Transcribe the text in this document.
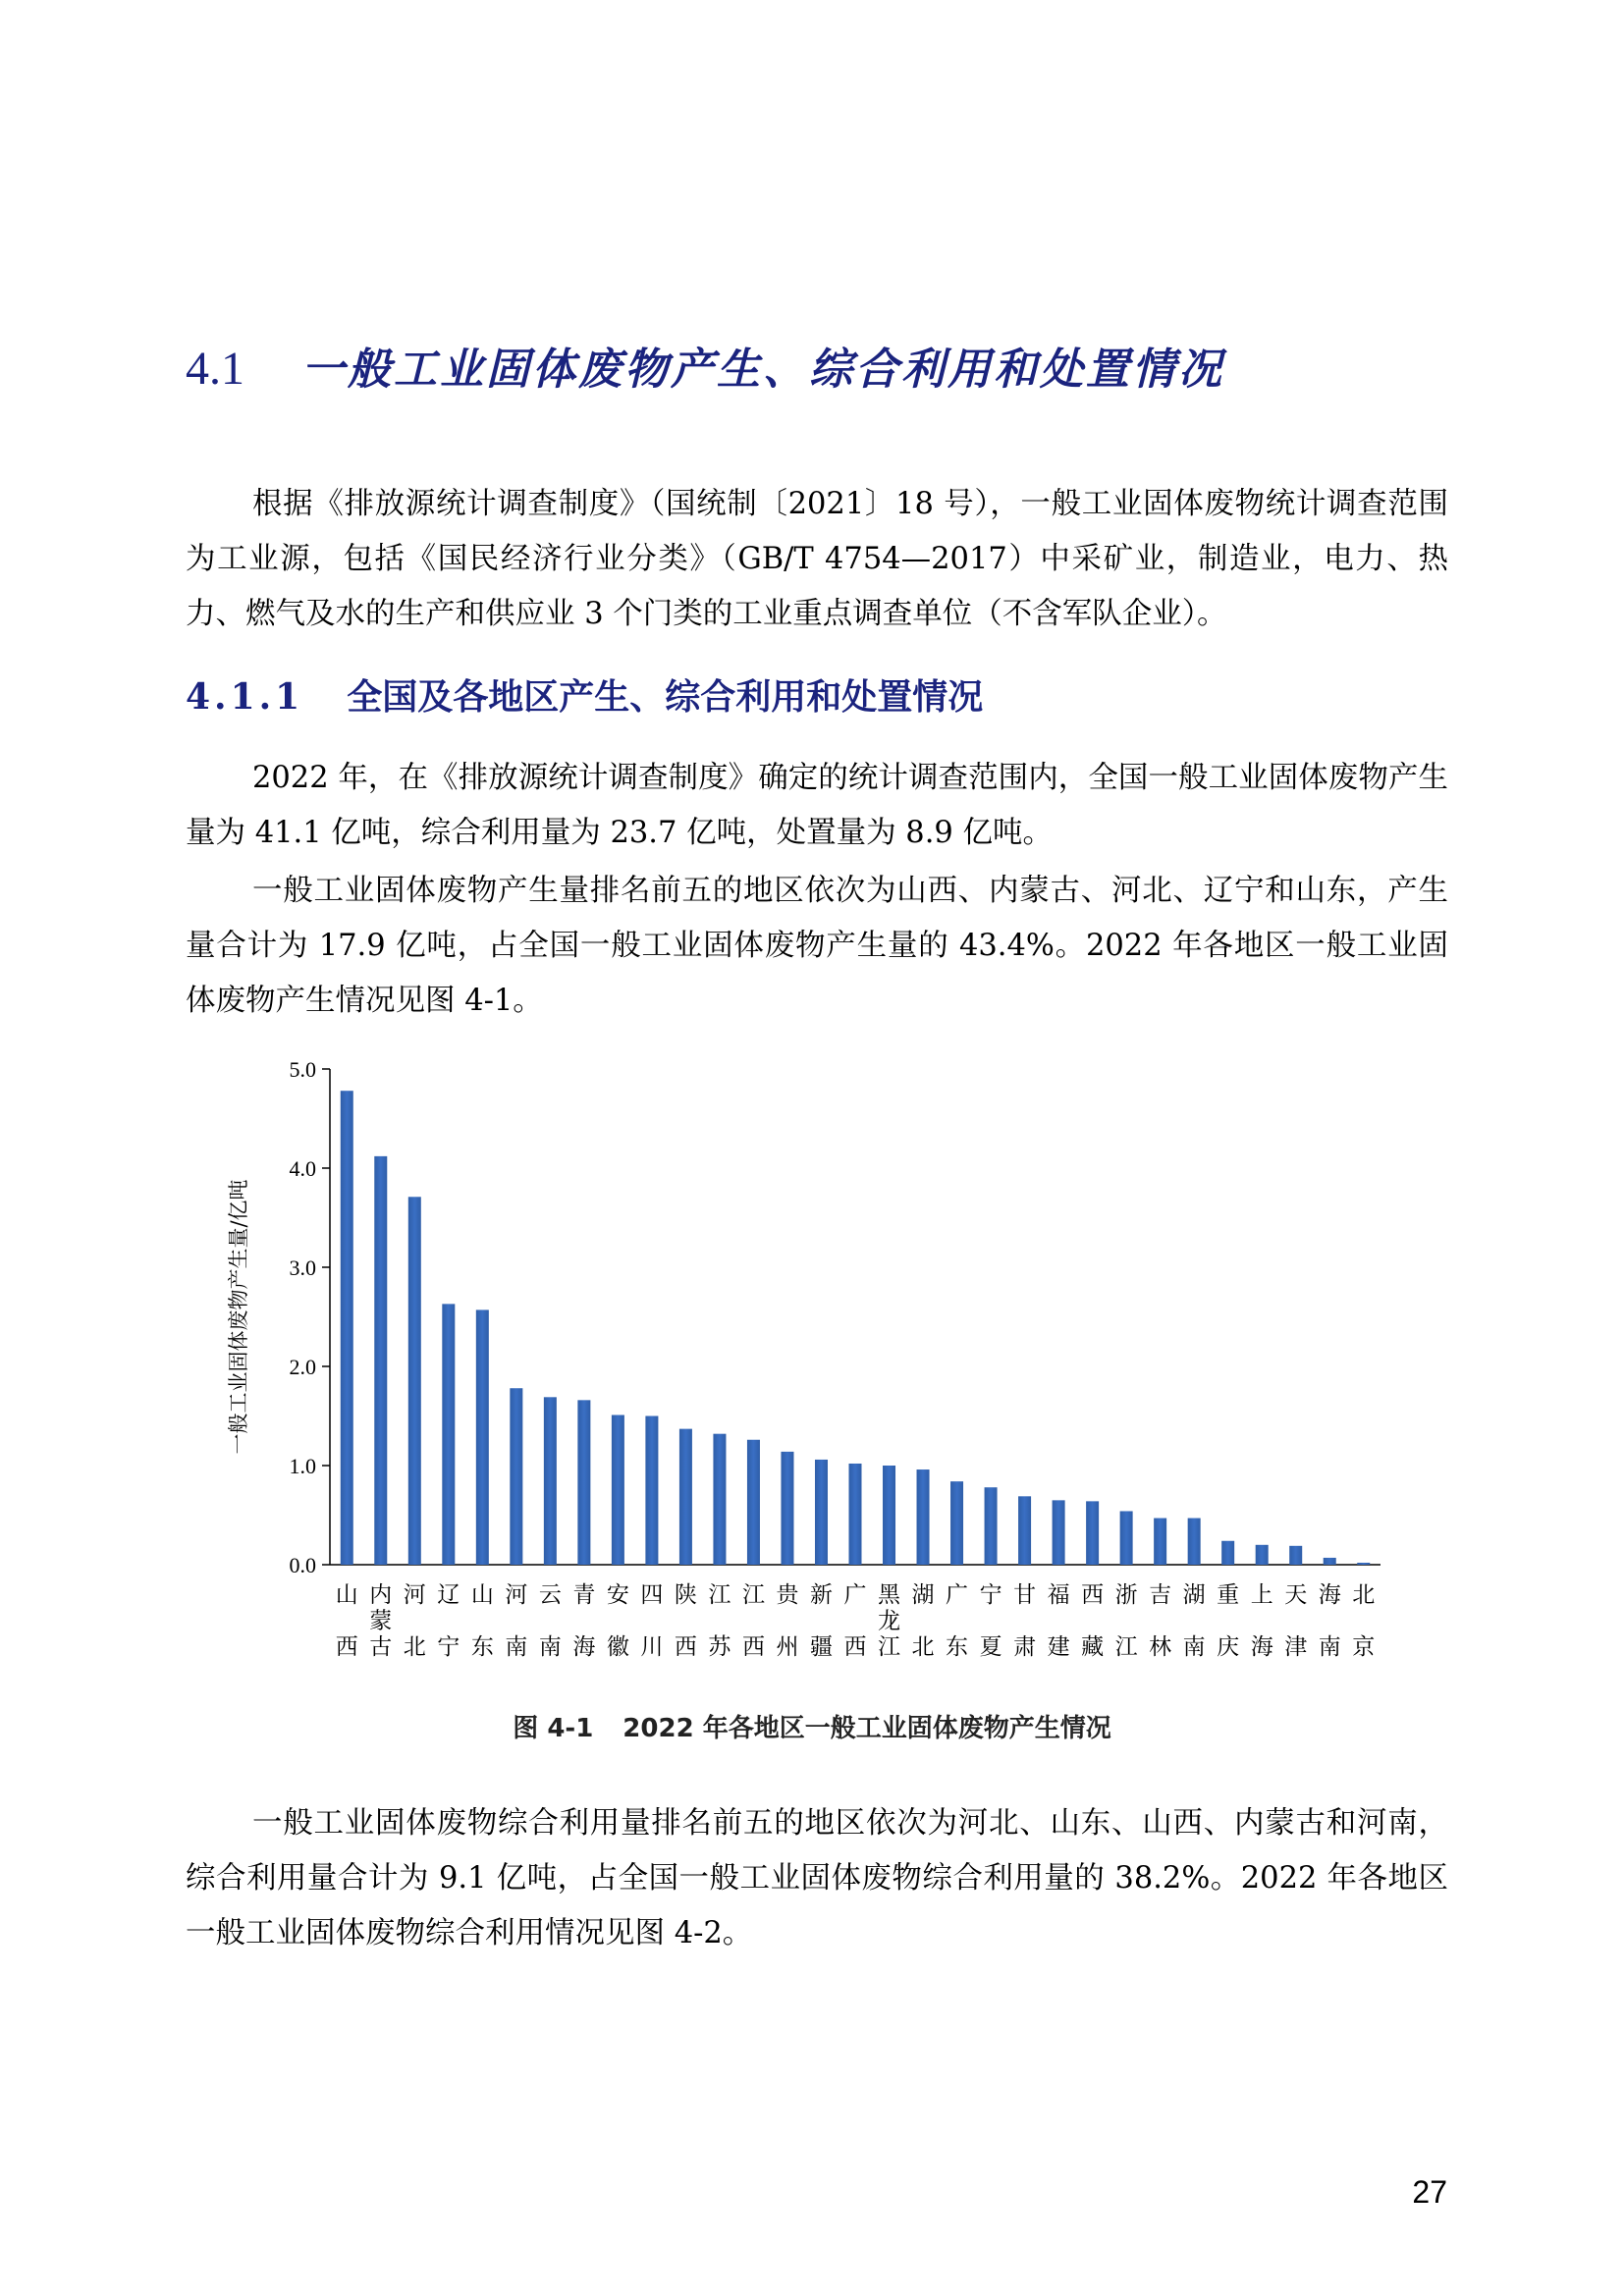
4.1 一般工业固体废物产生、综合利用和处置情况

根据《排放源统计调查制度》（国统制〔2021〕18 号），一般工业固体废物统计调查范围为工业源，包括《国民经济行业分类》（GB/T 4754—2017）中采矿业，制造业，电力、热力、燃气及水的生产和供应业 3 个门类的工业重点调查单位（不含军队企业）。

4.1.1 全国及各地区产生、综合利用和处置情况

2022 年，在《排放源统计调查制度》确定的统计调查范围内，全国一般工业固体废物产生量为 41.1 亿吨，综合利用量为 23.7 亿吨，处置量为 8.9 亿吨。

一般工业固体废物产生量排名前五的地区依次为山西、内蒙古、河北、辽宁和山东，产生量合计为 17.9 亿吨，占全国一般工业固体废物产生量的 43.4%。2022 年各地区一般工业固体废物产生情况见图 4-1。

0.0
1.0
2.0
3.0
4.0
5.0
一般工业固体废物产生量/亿吨
山
西
内
蒙
古
河
北
辽
宁
山
东
河
南
云
南
青
海
安
徽
四
川
陕
西
江
苏
江
西
贵
州
新
疆
广
西
黑
龙
江
湖
北
广
东
宁
夏
甘
肃
福
建
西
藏
浙
江
吉
林
湖
南
重
庆
上
海
天
津
海
南
北
京
图 4-1 2022 年各地区一般工业固体废物产生情况

一般工业固体废物综合利用量排名前五的地区依次为河北、山东、山西、内蒙古和河南，综合利用量合计为 9.1 亿吨，占全国一般工业固体废物综合利用量的 38.2%。2022 年各地区一般工业固体废物综合利用情况见图 4-2。

27
